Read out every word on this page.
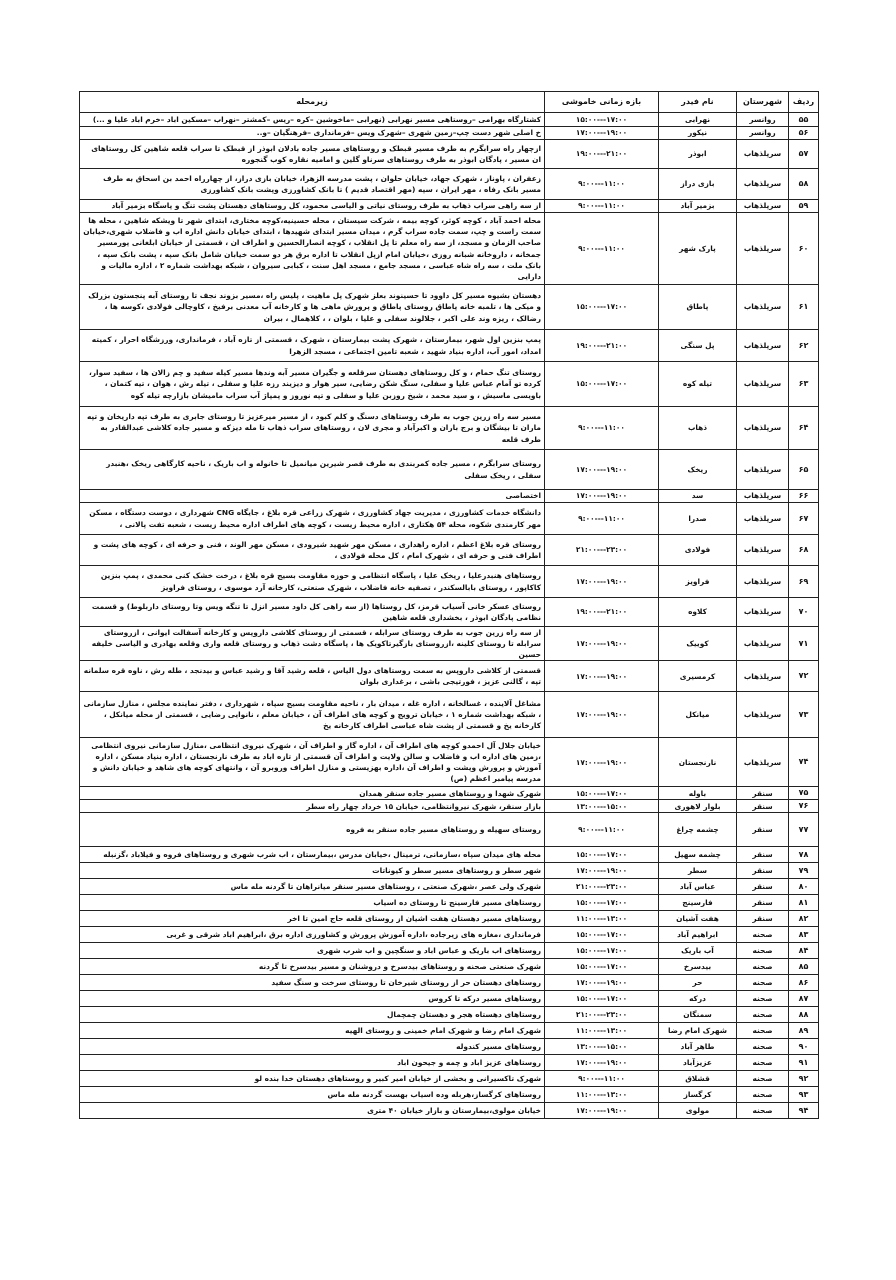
ردیف	شهرستان	نام فیدر	بازه زمانی خاموشی	زیرمحله
۵۵	روانسر	نهرابی	۱۷:۰۰---۱۵:۰۰	کشتارگاه بهرامی –روستاهی مسیر نهرابی (نهرابی –ماخوشین –کره –ریس –کمشتر –نهراب –مسکین اباد –خرم اباد علیا و ...)
۵۶	روانسر	نیکور	۱۹:۰۰---۱۷:۰۰	خ اصلی شهر دست چپ–زمین شهری –شهرک ویس –فرمانداری –فرهنگیان –و..
۵۷	سرپلذهاب	ابوذر	۲۱:۰۰---۱۹:۰۰	ازچهار راه سرابگرم به طرف مسیر قبطک و روستاهای مسیر جاده بادلان ابوذر از قبطک تا سراب قلعه شاهین کل روستاهای ان مسیر ، پادگان ابوذر به طرف روستاهای سرناو گلین و امامیه نقاره کوب گنجوره
۵۸	سرپلذهاب	بازی دراز	۱۱:۰۰---۹:۰۰	زعفران ، پاوناز ، شهرک جهاد، خیابان حلوان ، پشت مدرسه الزهرا، خیابان بازی دراز، از چهارراه احمد بن اسحاق به طرف مسیر بانک رفاه ، مهر ایران ، سپه (مهر اقتصاد قدیم ) تا بانک کشاورزی وپشت بانک کشاورزی
۵۹	سرپلذهاب	بزمیر آباد	۱۱:۰۰---۹:۰۰	از سه راهی سراب ذهاب به طرف روستای نیاتی و الیاسی محمود، کل روستاهای دهستان پشت تنگ و پاسگاه بزمیر آباد
۶۰	سرپلذهاب	پارک شهر	۱۱:۰۰---۹:۰۰	محله احمد آباد ، کوچه کوثر، کوچه بیمه ، شرکت سیستان ، محله حسینیه،کوچه مختاری، ابتدای شهر تا ویشکه شاهین ، محله ها سمت راست و چپ، سمت جاده سراب گرم ، میدان مسیر ابتدای شهیدها ، ابتدای خیابان دانش اداره اب و فاضلاب شهری،خیابان صاحب الزمان و مسجد، از سه راه معلم تا پل انقلاب ، کوچه انصارالحسین و اطراف ان ، قسمتی از خیابان ابلغانی پورمسیر جمخانه ، داروخانه شبانه روزی ،خیابان امام ازپل انقلاب تا اداره برق هر دو سمت خیابان شامل بانک سپه ، پشت بانک سپه ، بانک ملت ، سه راه شاه عباسی ، مسجد جامع ، مسجد اهل سنت ، کبابی سیروان ، شبکه بهداشت شماره ۲ ، اداره مالیات و دارایی
۶۱	سرپلذهاب	پاطاق	۱۷:۰۰---۱۵:۰۰	دهستان بشیوه مسیر کل داوود تا حسینوند بعلز شهرک پل ماهیت ، پلیس راه ،مسیر بزوند نجف تا روستای آبه پنجستون بزرلک و میکی ها ، تلمبه خانه پاطاق روستای پاطاق و پرورش ماهی ها و کارخانه آب معدنی برفیخ ، کاوچالی فولادی ،کوسه ها ، رضالک ، ریزه وند علی اکبر ، جلالوند سفلی و علیا ، بلوان ، ، کلاهمال ، بیران
۶۲	سرپلذهاب	پل سنگی	۲۱:۰۰---۱۹:۰۰	پمپ بنزین اول شهر، بیمارستان ، شهرک پشت بیمارستان ، شهرک ، قسمتی از تازه آباد ، فرمانداری، ورزشگاه احرار ، کمیته امداد، امور آب، اداره بنیاد شهید ، شعبه تامین اجتماعی ، مسجد الزهرا
۶۳	سرپلذهاب	تیله کوه	۱۷:۰۰---۱۵:۰۰	روستای تنگ حمام ، و کل روستاهای دهستان سرقلعه و جگیران مسیر آبه وندها مسیر کیله سفید و چم زالان ها ، سفید سوار، کرده تو آمام عباس علیا و سفلی، سنگ شکن رضایی، سیر هوار و دیزیند رزه علیا و سفلی ، تیله رش ، هوان ، تیه کتمان ، باویسی ماسیش ، و سید محمد ، شیخ روزبن علیا و سفلی و تپه نوروز و پمپاژ آب سراب مامیشان بازارچه تیله کوه
۶۴	سرپلذهاب	ذهاب	۱۱:۰۰---۹:۰۰	مسیر سه راه زرین جوب به طرف روستاهای دسنگ و کلم کبود ، از مسیر میرعزیز تا روستای جابری به طرف تپه داریخان و تپه ماران تا بیشگان و برج باران و اکبرآباد و مجری لان ، روستاهای سراب ذهاب تا مله دیزکه و مسیر جاده کلاشی عبدالقادر به طرف قلعه
۶۵	سرپلذهاب	ریخک	۱۹:۰۰---۱۷:۰۰	روستای سرابگرم ، مسیر جاده کمربندی به طرف قصر شیرین میانمیل تا خانوله و اب باریک ، ناحیه کارگاهی ریخک ،هنبدر سفلی ، ریخک سفلی
۶۶	سرپلذهاب	سد	۱۹:۰۰---۱۷:۰۰	اختصاصی
۶۷	سرپلذهاب	صدرا	۱۱:۰۰---۹:۰۰	دانشگاه خدمات کشاورزی ، مدیریت جهاد کشاورزی ، شهرک زراعی قره بلاغ ، جایگاه CNG شهرداری ، دوست دستگاه ، مسکن مهر کارمندی شکوه، محله ۵۴ هکتاری ، اداره محیط زیست ، کوچه های اطراف اداره محیط زیست ، شعبه تفت پالانی ،
۶۸	سرپلذهاب	فولادی	۲۳:۰۰---۲۱:۰۰	روستای قره بلاغ اعظم ، اداره راهداری ، مسکن مهر شهید شیرودی ، مسکن مهر الوند ، فنی و حرفه ای ، کوچه های پشت و اطراف فنی و حرفه ای ، شهرک امام ، کل محله فولادی ،
۶۹	سرپلذهاب	فراویز	۱۹:۰۰---۱۷:۰۰	روستاهای هنبدرعلیا ، ریخک علیا ، پاسگاه انتظامی و حوزه مقاومت بسیج قره بلاغ ، درخت خشک کنی محمدی ، پمپ بنزین کاکاپور ، روستای بابالسکندر ، تصفیه خانه فاضلاب ، شهرک صنعتی، کارخانه آرد موسوی ، روستای فراویز
۷۰	سرپلذهاب	کلاوه	۲۱:۰۰---۱۹:۰۰	روستای عسکر خانی آسیاب قرمز، کل روستاها (از سه راهی کل داود مسیر انزل تا تنگه ویس وتا روستای داربلوط) و قسمت نظامی پادگان ابوذر ، بخشداری قلعه شاهین
۷۱	سرپلذهاب	کوییک	۱۹:۰۰---۱۷:۰۰	از سه راه زرین جوب به طرف روستای سرابله ، قسمتی از روستای کلاشی داروپس و کارخانه آسفالت ایوانی ، ازروستای سرابله تا روستای کلینه ،ازروستای بازگیرتاکویک ها ، پاسگاه دشت ذهاب و روستای قلعه واری وقلعه بهادری و الیاسی خلیفه حسین
۷۲	سرپلذهاب	کرمسیری	۱۹:۰۰---۱۷:۰۰	قسمتی از کلاشی داروپس به سمت روستاهای دول الیاس ، قلعه رشید آقا و رشید عباس و بیدنجد ، طله رش ، ناوه قره سلمانه تپه ، گالنی عزیز ، فورتیجی باشی ، برغداری بلوان
۷۳	سرپلذهاب	میانکل	۱۹:۰۰---۱۷:۰۰	مشاغل آلاینده ، غسالخانه ، اداره غله ، میدان بار ، ناحیه مقاومت بسیج سپاه ، شهرداری ، دفتر نماینده مجلس ، منازل سازمانی ، شبکه بهداشت شماره ۱ ، خیابان ترویج و کوچه های اطراف آن ، خیابان معلم ، نانوایی رضایی ، قسمتی از محله میانکل ، کارخانه یخ و قسمتی از پشت شاه عباسی اطراف کارخانه یخ
۷۴	سرپلذهاب	نارنجستان	۱۹:۰۰---۱۷:۰۰	خیابان جلال آل احمدو کوچه های اطراف آن ، اداره گاز و اطراف آن ، شهرک نیروی انتظامی ،منازل سازمانی نیروی انتظامی ،زمین های اداره اب و فاضلاب و سالن ولایت و اطراف آن قسمتی از تازه اباد به طرف نارنجستان ، اداره بنیاد مسکن ، اداره آموزش و پرورش وپشت و اطراف آن ،اداره بهزیستی و منازل اطراف وروبرو آن ، وانتهای کوچه های شاهد و خیابان دانش و مدرسه پیامبر اعظم (ص)
۷۵	سنقر	باوله	۱۷:۰۰---۱۵:۰۰	شهرک شهدا و روستاهای مسیر جاده سنقر همدان
۷۶	سنقر	بلوار لاهوری	۱۵:۰۰---۱۳:۰۰	بازار سنقر، شهرک نیروانتظامی، خیابان ۱۵ خرداد چهار راه سطر
۷۷	سنقر	چشمه چراغ	۱۱:۰۰---۹:۰۰	روستای سهیله و روستاهای مسیر جاده سنقر به فروه
۷۸	سنقر	چشمه سهیل	۱۷:۰۰---۱۵:۰۰	محله های میدان سپاه ،سازمانی، ترمینال ،خیابان مدرس ،بیمارستان ، اب شرب شهری و روستاهای فروه و فیلاباد ،گزنبله
۷۹	سنقر	سطر	۱۹:۰۰---۱۷:۰۰	شهر سطر و روستاهای مسیر سطر و کیوناتات
۸۰	سنقر	عباس آباد	۲۳:۰۰---۲۱:۰۰	شهرک ولی عصر ،شهرک صنعتی ، روستاهای مسیر سنقر میانراهان تا گردنه مله ماس
۸۱	سنقر	فارسینج	۱۷:۰۰---۱۵:۰۰	روستاهای مسیر فارسینج تا روستای ده اسیاب
۸۲	سنقر	هفت آشیان	۱۳:۰۰---۱۱:۰۰	روستاهای مسیر دهستان هفت اشیان از روستای قلعه حاج امین تا اخر
۸۳	صحنه	ابراهیم آباد	۱۷:۰۰---۱۵:۰۰	فرمانداری ،مغازه های زیرجاده ،اداره آموزش پرورش و کشاورزی اداره برق ،ابراهیم اباد شرقی و غربی
۸۴	صحنه	آب باریک	۱۷:۰۰---۱۵:۰۰	روستاهای اب باریک و عباس اباد و سنگچین و اب شرب شهری
۸۵	صحنه	بیدسرخ	۱۷:۰۰---۱۵:۰۰	شهرک صنعتی صحنه و روستاهای بیدسرخ و دروشنان و مسیر بیدسرخ تا گردنه
۸۶	صحنه	حر	۱۹:۰۰---۱۷:۰۰	روستاهای دهستان حر از روستای شیرخان تا روستای سرخت و سنگ سفید
۸۷	صحنه	درکه	۱۷:۰۰---۱۵:۰۰	روستاهای مسیر درکه تا کروس
۸۸	صحنه	سمنگان	۲۳:۰۰---۲۱:۰۰	روستاهای دهستاه هجر و دهستان چمچمال
۸۹	صحنه	شهرک امام رضا	۱۳:۰۰---۱۱:۰۰	شهرک امام رضا و شهرک امام خمینی و روستای الهیه
۹۰	صحنه	طاهر آباد	۱۵:۰۰---۱۳:۰۰	روستاهای مسیر کندوله
۹۱	صحنه	عزیزآباد	۱۹:۰۰---۱۷:۰۰	روستاهای عزیز اباد و چمه و جیحون اباد
۹۲	صحنه	قشلاق	۱۱:۰۰---۹:۰۰	شهرک تاکسیرانی و بخشی از خیابان امیر کبیر و روستاهای دهستان خدا بنده لو
۹۳	صحنه	کرگساز	۱۳:۰۰---۱۱:۰۰	روستاهای کرگساز،هربله وده اسیاب بهست گردنه مله ماس
۹۴	صحنه	مولوی	۱۹:۰۰---۱۷:۰۰	خیابان مولوی،بیمارستان و بازار خیابان ۴۰ متری
